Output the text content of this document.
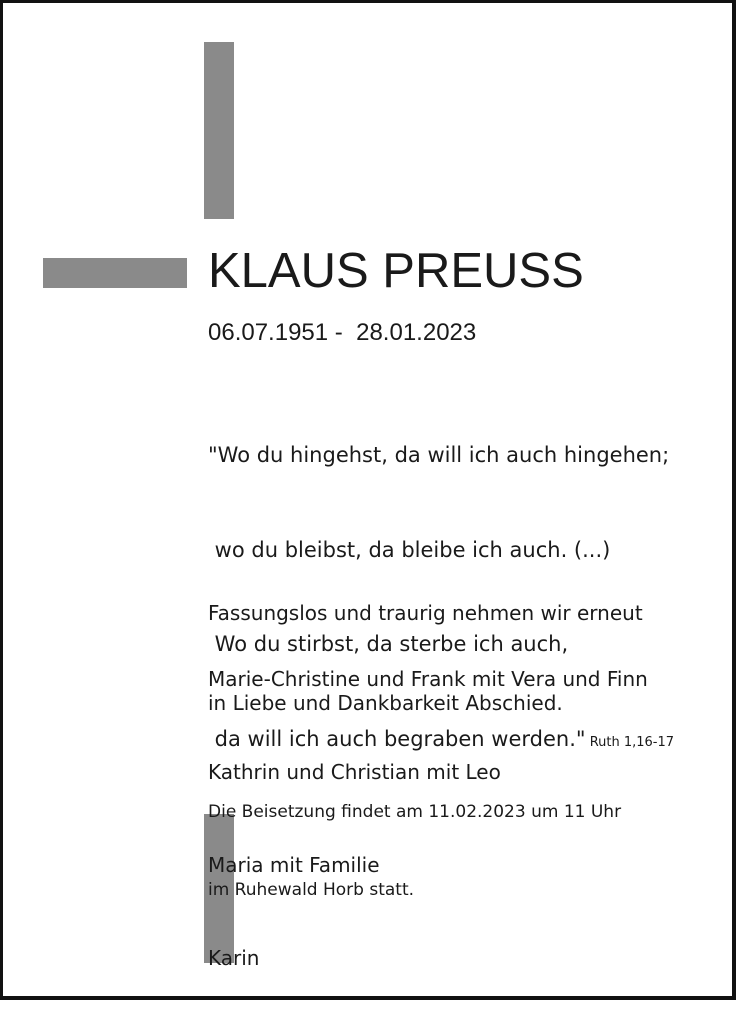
KLAUS PREUSS
06.07.1951 -  28.01.2023

"Wo du hingehst, da will ich auch hingehen;

wo du bleibst, da bleibe ich auch. (...)

Wo du stirbst, da sterbe ich auch,

da will ich auch begraben werden." Ruth 1,16-17

Fassungslos und traurig nehmen wir erneut

in Liebe und Dankbarkeit Abschied.

Marie-Christine und Frank mit Vera und Finn

Kathrin und Christian mit Leo

Maria mit Familie

Karin

Die Beisetzung findet am 11.02.2023 um 11 Uhr

im Ruhewald Horb statt.
